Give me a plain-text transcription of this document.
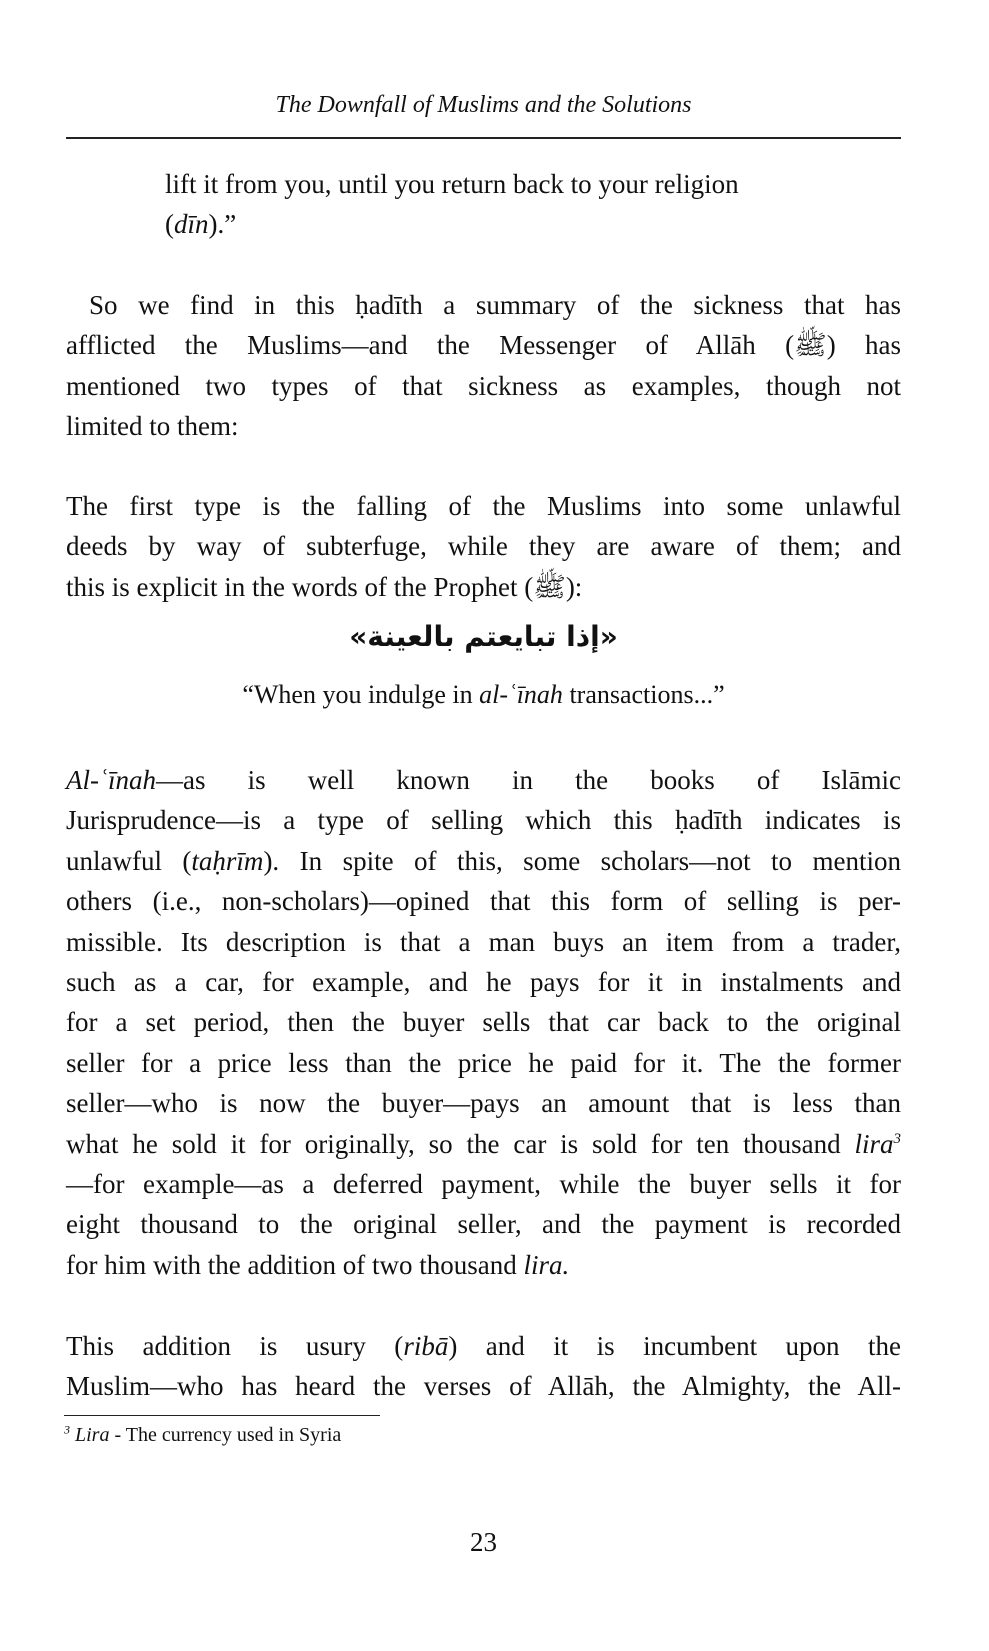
The Downfall of Muslims and the Solutions
lift it from you, until you return back to your religion
(dīn).”
So we find in this ḥadīth a summary of the sickness that has
afflicted the Muslims—and the Messenger of Allāh (ﷺ) has
mentioned two types of that sickness as examples, though not
limited to them:
The first type is the falling of the Muslims into some unlawful
deeds by way of subterfuge, while they are aware of them; and
this is explicit in the words of the Prophet (ﷺ):
«إذا تبايعتم بالعينة»
“When you indulge in al-ʿīnah transactions...”
Al-ʿīnah—as is well known in the books of Islāmic
Jurisprudence—is a type of selling which this ḥadīth indicates is
unlawful (taḥrīm). In spite of this, some scholars—not to mention
others (i.e., non-scholars)—opined that this form of selling is per-
missible. Its description is that a man buys an item from a trader,
such as a car, for example, and he pays for it in instalments and
for a set period, then the buyer sells that car back to the original
seller for a price less than the price he paid for it. The the former
seller—who is now the buyer—pays an amount that is less than
what he sold it for originally, so the car is sold for ten thousand lira$^3$
—for example—as a deferred payment, while the buyer sells it for
eight thousand to the original seller, and the payment is recorded
for him with the addition of two thousand lira.
This addition is usury (ribā) and it is incumbent upon the
Muslim—who has heard the verses of Allāh, the Almighty, the All-
$^3$ Lira - The currency used in Syria
23
